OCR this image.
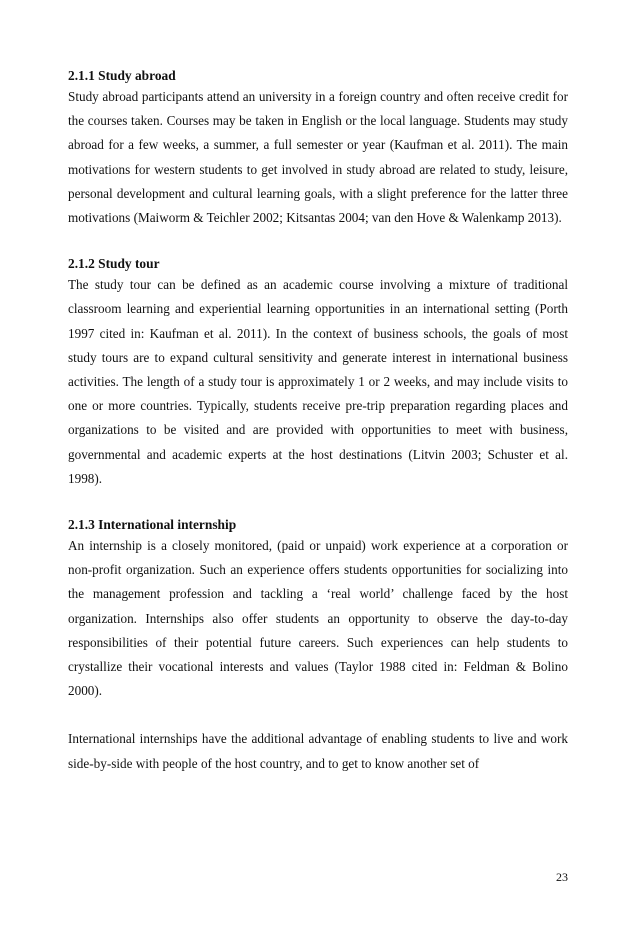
2.1.1 Study abroad

Study abroad participants attend an university in a foreign country and often receive credit for the courses taken. Courses may be taken in English or the local language. Students may study abroad for a few weeks, a summer, a full semester or year (Kaufman et al. 2011). The main motivations for western students to get involved in study abroad are related to study, leisure, personal development and cultural learning goals, with a slight preference for the latter three motivations (Maiworm & Teichler 2002; Kitsantas 2004; van den Hove & Walenkamp 2013).

2.1.2 Study tour

The study tour can be defined as an academic course involving a mixture of traditional classroom learning and experiential learning opportunities in an international setting (Porth 1997 cited in: Kaufman et al. 2011). In the context of business schools, the goals of most study tours are to expand cultural sensitivity and generate interest in international business activities. The length of a study tour is approximately 1 or 2 weeks, and may include visits to one or more countries. Typically, students receive pre-trip preparation regarding places and organizations to be visited and are provided with opportunities to meet with business, governmental and academic experts at the host destinations (Litvin 2003; Schuster et al. 1998).

2.1.3 International internship

An internship is a closely monitored, (paid or unpaid) work experience at a corporation or non-profit organization. Such an experience offers students opportunities for socializing into the management profession and tackling a ‘real world’ challenge faced by the host organization. Internships also offer students an opportunity to observe the day-to-day responsibilities of their potential future careers. Such experiences can help students to crystallize their vocational interests and values (Taylor 1988 cited in: Feldman & Bolino 2000).

International internships have the additional advantage of enabling students to live and work side-by-side with people of the host country, and to get to know another set of

23
